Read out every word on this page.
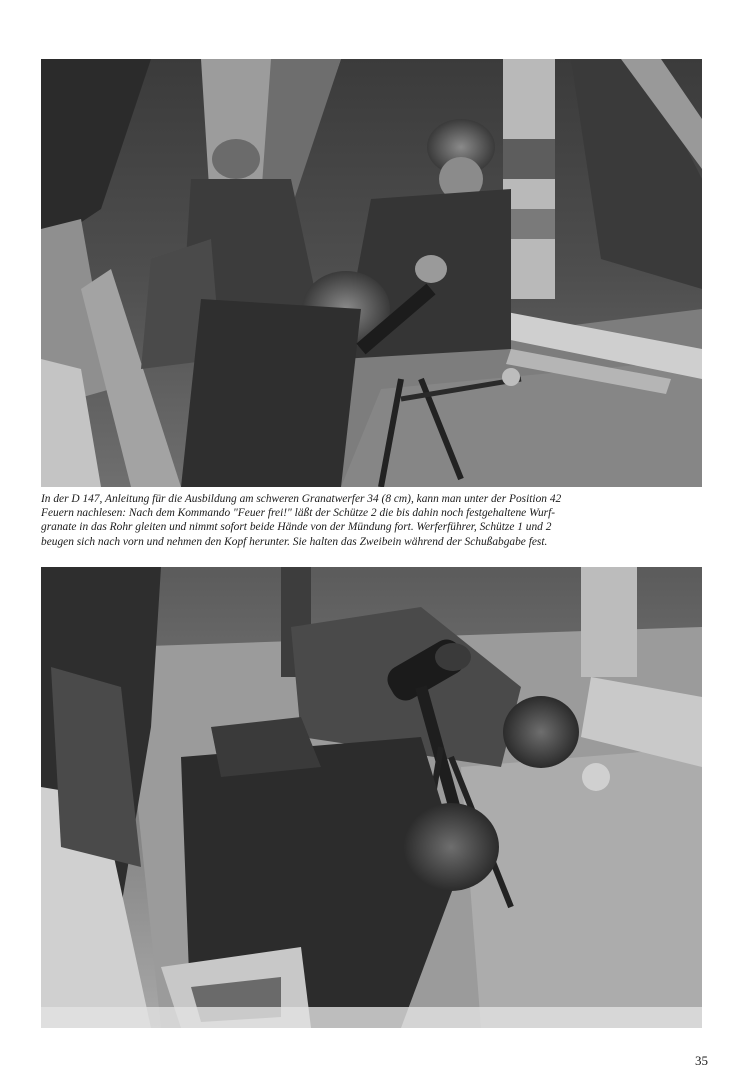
In der D 147, Anleitung für die Ausbildung am schweren Granatwerfer 34 (8 cm), kann man unter der Position 42
Feuern nachlesen: Nach dem Kommando "Feuer frei!" läßt der Schütze 2 die bis dahin noch festgehaltene Wurf-
granate in das Rohr gleiten und nimmt sofort beide Hände von der Mündung fort. Werferführer, Schütze 1 und 2
beugen sich nach vorn und nehmen den Kopf herunter. Sie halten das Zweibein während der Schußabgabe fest.

35
